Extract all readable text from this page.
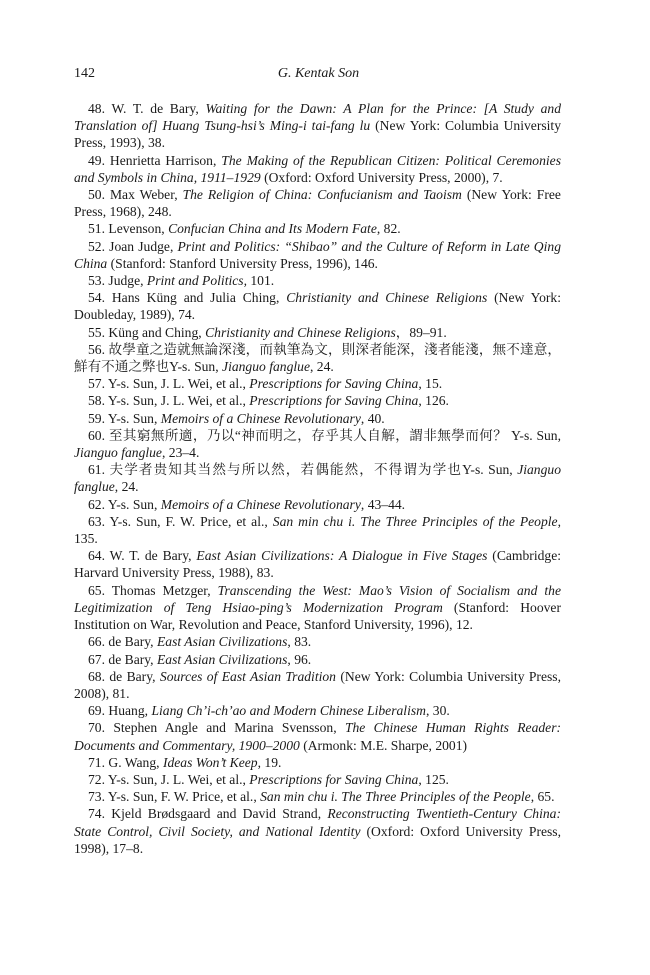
142	G. Kentak Son

48. W. T. de Bary, Waiting for the Dawn: A Plan for the Prince: [A Study and Translation of] Huang Tsung-hsi’s Ming-i tai-fang lu (New York: Columbia University Press, 1993), 38.

49. Henrietta Harrison, The Making of the Republican Citizen: Political Ceremonies and Symbols in China, 1911–1929 (Oxford: Oxford University Press, 2000), 7.

50. Max Weber, The Religion of China: Confucianism and Taoism (New York: Free Press, 1968), 248.

51. Levenson, Confucian China and Its Modern Fate, 82.

52. Joan Judge, Print and Politics: “Shibao” and the Culture of Reform in Late Qing China (Stanford: Stanford University Press, 1996), 146.

53. Judge, Print and Politics, 101.

54. Hans Küng and Julia Ching, Christianity and Chinese Religions (New York: Doubleday, 1989), 74.

55. Küng and Ching, Christianity and Chinese Religions，89–91.

56. 故學童之造就無論深淺，而執筆為文，則深者能深，淺者能淺，無不達意，鮮有不通之弊也Y-s. Sun, Jianguo fanglue, 24.

57. Y-s. Sun, J. L. Wei, et al., Prescriptions for Saving China, 15.

58. Y-s. Sun, J. L. Wei, et al., Prescriptions for Saving China, 126.

59. Y-s. Sun, Memoirs of a Chinese Revolutionary, 40.

60. 至其窮無所適，乃以“神而明之，存乎其人自解，謂非無學而何？ Y-s. Sun, Jianguo fanglue, 23–4.

61. 夫学者贵知其当然与所以然，若偶能然，不得谓为学也Y-s. Sun, Jianguo fanglue, 24.

62. Y-s. Sun, Memoirs of a Chinese Revolutionary, 43–44.

63. Y-s. Sun, F. W. Price, et al., San min chu i. The Three Principles of the People, 135.

64. W. T. de Bary, East Asian Civilizations: A Dialogue in Five Stages (Cambridge: Harvard University Press, 1988), 83.

65. Thomas Metzger, Transcending the West: Mao’s Vision of Socialism and the Legitimization of Teng Hsiao-ping’s Modernization Program (Stanford: Hoover Institution on War, Revolution and Peace, Stanford University, 1996), 12.

66. de Bary, East Asian Civilizations, 83.

67. de Bary, East Asian Civilizations, 96.

68. de Bary, Sources of East Asian Tradition (New York: Columbia University Press, 2008), 81.

69. Huang, Liang Ch’i-ch’ao and Modern Chinese Liberalism, 30.

70. Stephen Angle and Marina Svensson, The Chinese Human Rights Reader: Documents and Commentary, 1900–2000 (Armonk: M.E. Sharpe, 2001)

71. G. Wang, Ideas Won’t Keep, 19.

72. Y-s. Sun, J. L. Wei, et al., Prescriptions for Saving China, 125.

73. Y-s. Sun, F. W. Price, et al., San min chu i. The Three Principles of the People, 65.

74. Kjeld Brødsgaard and David Strand, Reconstructing Twentieth-Century China: State Control, Civil Society, and National Identity (Oxford: Oxford University Press, 1998), 17–8.
